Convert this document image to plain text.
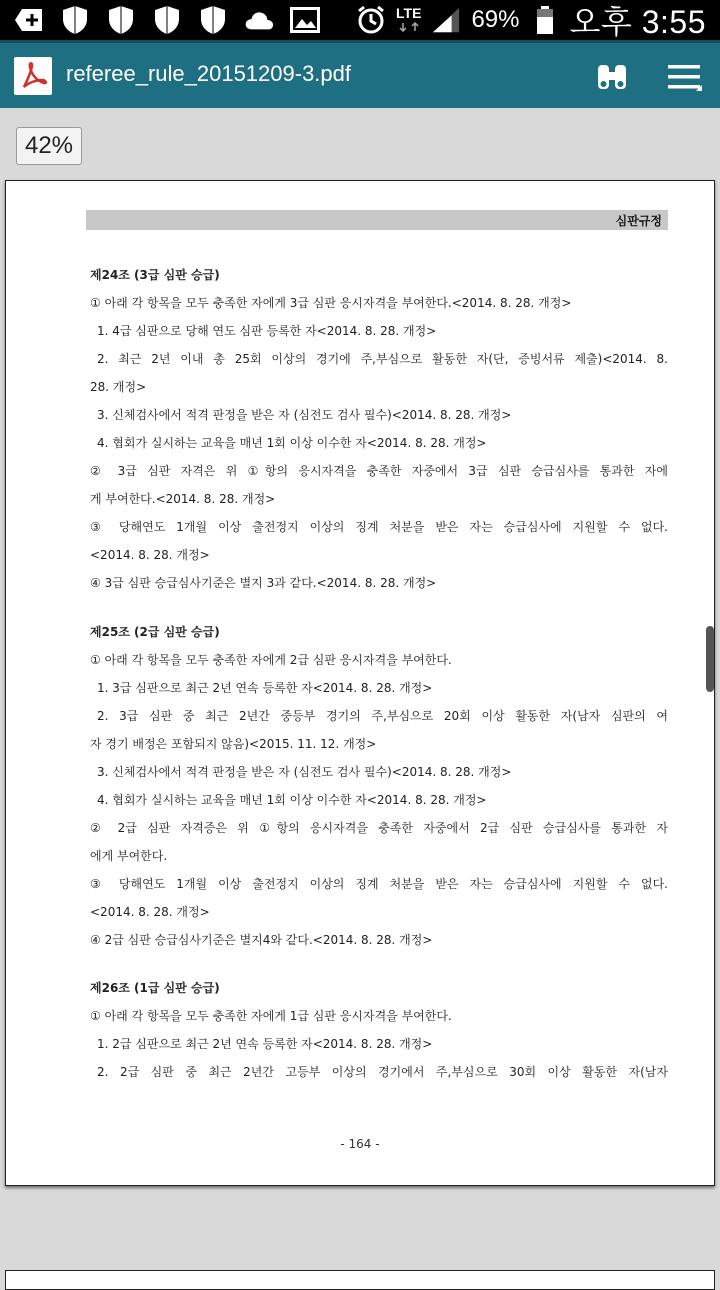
LTE 69% 오후 3:55
referee_rule_20151209-3.pdf
42%
심판규정
제24조 (3급 심판 승급)
① 아래 각 항목을 모두 충족한 자에게 3급 심판 응시자격을 부여한다.<2014. 8. 28. 개정>
1. 4급 심판으로 당해 연도 심판 등록한 자<2014. 8. 28. 개정>
2. 최근 2년 이내 총 25회 이상의 경기에 주,부심으로 활동한 자(단, 증빙서류 제출)<2014. 8.
28. 개정>
3. 신체검사에서 적격 판정을 받은 자 (심전도 검사 필수)<2014. 8. 28. 개정>
4. 협회가 실시하는 교육을 매년 1회 이상 이수한 자<2014. 8. 28. 개정>
② 3급 심판 자격은 위 ①항의 응시자격을 충족한 자중에서 3급 심판 승급심사를 통과한 자에
게 부여한다.<2014. 8. 28. 개정>
③ 당해연도 1개월 이상 출전정지 이상의 징계 처분을 받은 자는 승급심사에 지원할 수 없다.
<2014. 8. 28. 개정>
④ 3급 심판 승급심사기준은 별지 3과 같다.<2014. 8. 28. 개정>
제25조 (2급 심판 승급)
① 아래 각 항목을 모두 충족한 자에게 2급 심판 응시자격을 부여한다.
1. 3급 심판으로 최근 2년 연속 등록한 자<2014. 8. 28. 개정>
2. 3급 심판 중 최근 2년간 중등부 경기의 주,부심으로 20회 이상 활동한 자(남자 심판의 여
자 경기 배정은 포함되지 않음)<2015. 11. 12. 개정>
3. 신체검사에서 적격 판정을 받은 자 (심전도 검사 필수)<2014. 8. 28. 개정>
4. 협회가 실시하는 교육을 매년 1회 이상 이수한 자<2014. 8. 28. 개정>
② 2급 심판 자격증은 위 ①항의 응시자격을 충족한 자중에서 2급 심판 승급심사를 통과한 자
에게 부여한다.
③ 당해연도 1개월 이상 출전정지 이상의 징계 처분을 받은 자는 승급심사에 지원할 수 없다.
<2014. 8. 28. 개정>
④ 2급 심판 승급심사기준은 별지4와 같다.<2014. 8. 28. 개정>
제26조 (1급 심판 승급)
① 아래 각 항목을 모두 충족한 자에게 1급 심판 응시자격을 부여한다.
1. 2급 심판으로 최근 2년 연속 등록한 자<2014. 8. 28. 개정>
2. 2급 심판 중 최근 2년간 고등부 이상의 경기에서 주,부심으로 30회 이상 활동한 자(남자
- 164 -
